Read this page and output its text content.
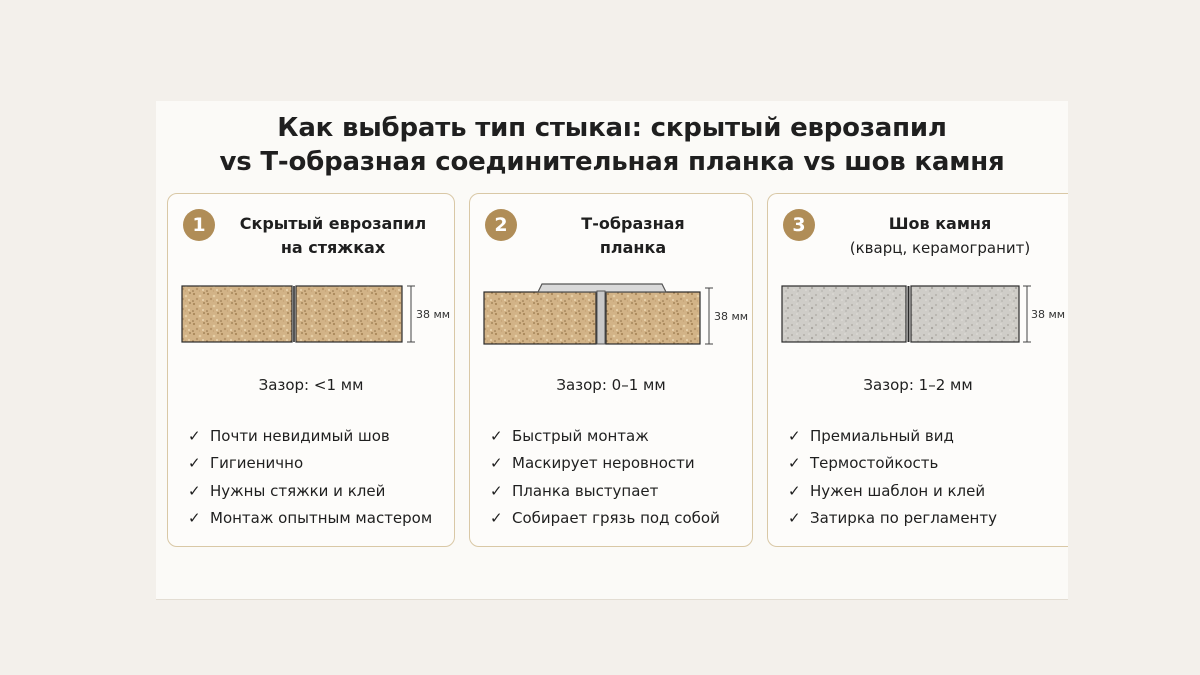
Как выбрать тип стыкаı: скрытый еврозапил
vs Т-образная соединительная планка vs шов камня
1	Скрытый еврозапил
на стяжках
38 мм
Зазор: <1 мм
✓ Почти невидимый шов
✓ Гигиенично
✓ Нужны стяжки и клей
✓ Монтаж опытным мастером
2	Т-обрaзная
планка
38 мм
Зазор: 0–1 мм
✓ Быстрый монтаж
✓ Маскирует неровности
✓ Планка выступает
✓ Собирает грязь под собой
3	Шов камня
(кварц, керамогранит)
38 мм
Зазор: 1–2 мм
✓ Премиальный вид
✓ Термостойкость
✓ Нужен шаблон и клей
✓ Затирка по регламенту
